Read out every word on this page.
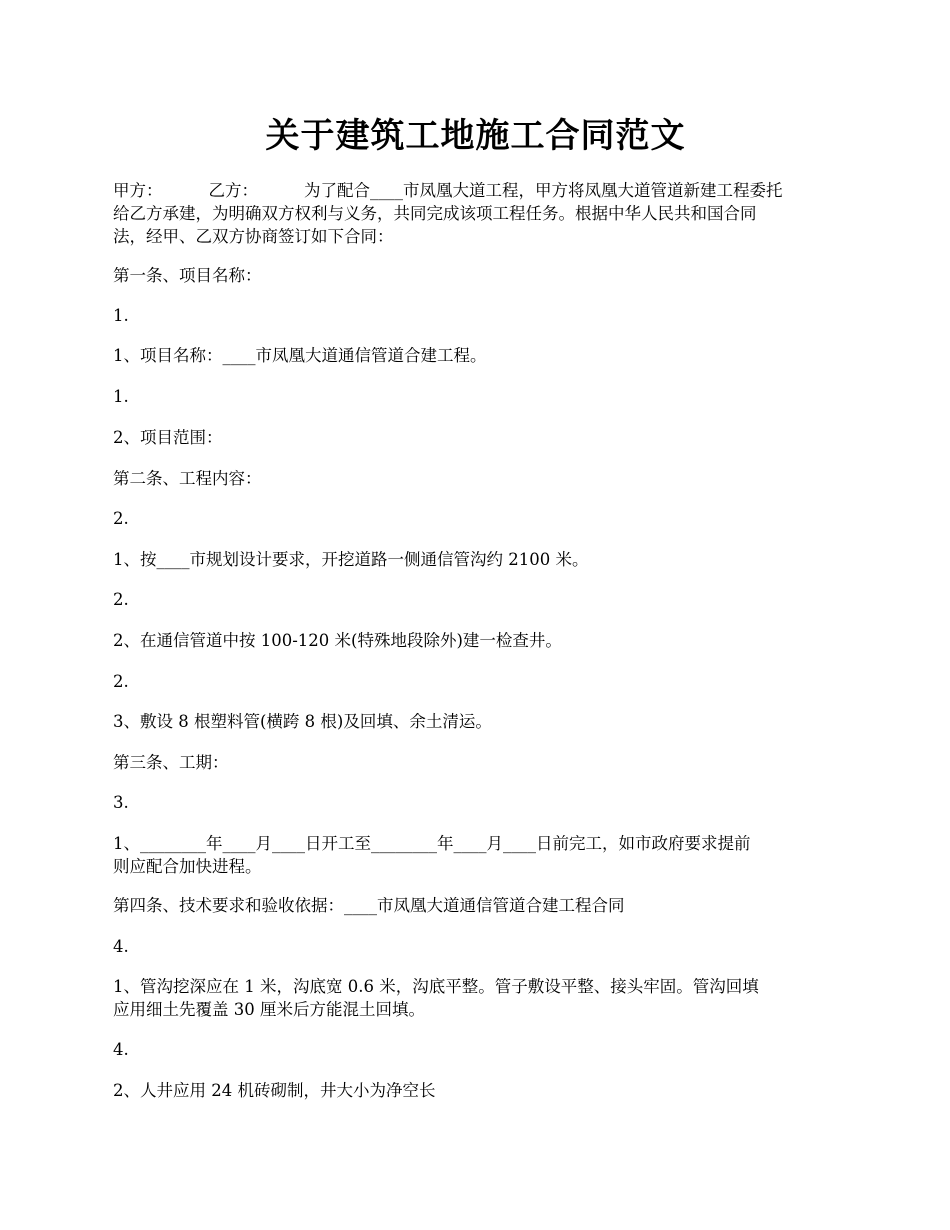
关于建筑工地施工合同范文
甲方：	乙方：	为了配合____市凤凰大道工程，甲方将凤凰大道管道新建工程委托
给乙方承建，为明确双方权利与义务，共同完成该项工程任务。根据中华人民共和国合同
法，经甲、乙双方协商签订如下合同：
第一条、项目名称：
1.
1、项目名称：____市凤凰大道通信管道合建工程。
1.
2、项目范围：
第二条、工程内容：
2.
1、按____市规划设计要求，开挖道路一侧通信管沟约 2100 米。
2.
2、在通信管道中按 100-120 米(特殊地段除外)建一检查井。
2.
3、敷设 8 根塑料管(横跨 8 根)及回填、余土清运。
第三条、工期：
3.
1、________年____月____日开工至________年____月____日前完工，如市政府要求提前
则应配合加快进程。
第四条、技术要求和验收依据：____市凤凰大道通信管道合建工程合同
4.
1、管沟挖深应在 1 米，沟底宽 0.6 米，沟底平整。管子敷设平整、接头牢固。管沟回填
应用细土先覆盖 30 厘米后方能混土回填。
4.
2、人井应用 24 机砖砌制，井大小为净空长
